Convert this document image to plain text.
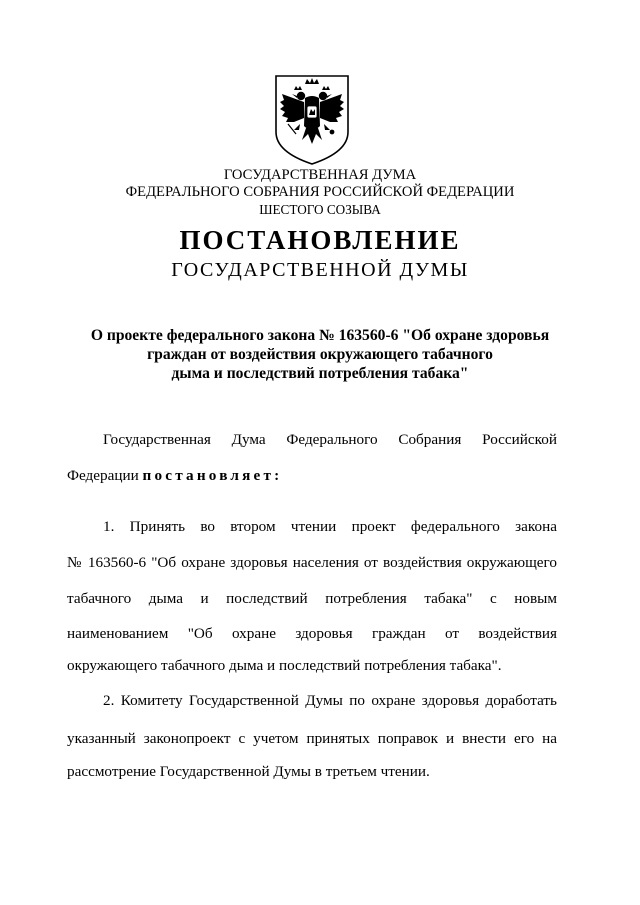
ГОСУДАРСТВЕННАЯ ДУМА
ФЕДЕРАЛЬНОГО СОБРАНИЯ РОССИЙСКОЙ ФЕДЕРАЦИИ
ШЕСТОГО СОЗЫВА
ПОСТАНОВЛЕНИЕ
ГОСУДАРСТВЕННОЙ ДУМЫ
О проекте федерального закона № 163560-6 "Об охране здоровья
граждан от воздействия окружающего табачного
дыма и последствий потребления табака"
Государственная Дума Федерального Собрания Российской
Федерации постановляет:
1. Принять во втором чтении проект федерального закона
№ 163560-6 "Об охране здоровья населения от воздействия окружающего
табачного дыма и последствий потребления табака" с новым
наименованием "Об охране здоровья граждан от воздействия
окружающего табачного дыма и последствий потребления табака".
2. Комитету Государственной Думы по охране здоровья доработать
указанный законопроект с учетом принятых поправок и внести его на
рассмотрение Государственной Думы в третьем чтении.
